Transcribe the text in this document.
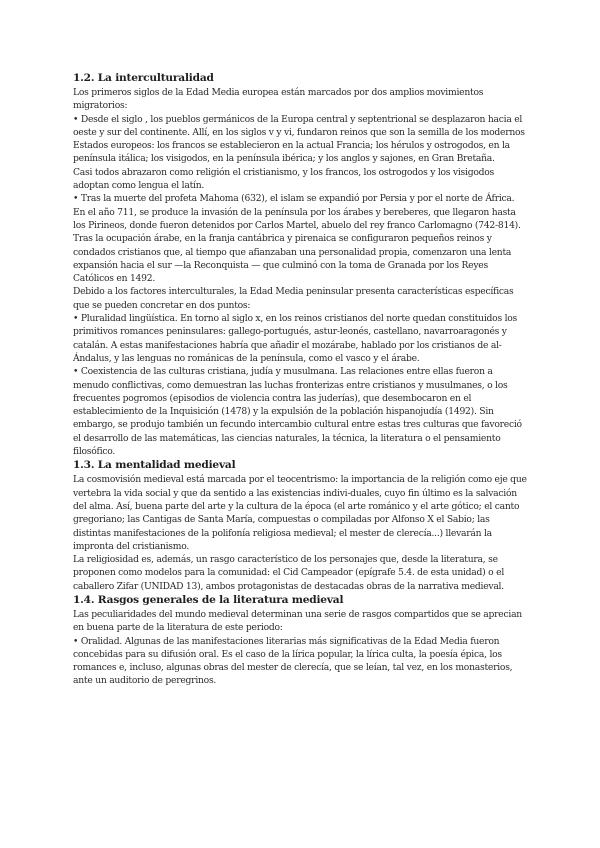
1.2. La interculturalidad

Los primeros siglos de la Edad Media europea están marcados por dos amplios movimientos migratorios:

• Desde el siglo , los pueblos germánicos de la Europa central y septentrional se desplazaron hacia el oeste y sur del continente. Allí, en los siglos v y vi, fundaron reinos que son la semilla de los modernos Estados europeos: los francos se establecieron en la actual Francia; los hérulos y ostrogodos, en la península itálica; los visigodos, en la península ibérica; y los anglos y sajones, en Gran Bretaña.

Casi todos abrazaron como religión el cristianismo, y los francos, los ostrogodos y los visigodos adoptan como lengua el latín.

• Tras la muerte del profeta Mahoma (632), el islam se expandió por Persia y por el norte de África. En el año 711, se produce la invasión de la península por los árabes y bereberes, que llegaron hasta los Pirineos, donde fueron detenidos por Carlos Martel, abuelo del rey franco Carlomagno (742-814).

Tras la ocupación árabe, en la franja cantábrica y pirenaica se configuraron pequeños reinos y condados cristianos que, al tiempo que afianzaban una personalidad propia, comenzaron una lenta expansión hacia el sur —la Reconquista — que culminó con la toma de Granada por los Reyes Católicos en 1492.

Debido a los factores interculturales, la Edad Media peninsular presenta características específicas que se pueden concretar en dos puntos:

• Pluralidad lingüística. En torno al siglo x, en los reinos cristianos del norte quedan constituidos los primitivos romances peninsulares: gallego-portugués, astur-leonés, castellano, navarroaragonés y catalán. A estas manifestaciones habría que añadir el mozárabe, hablado por los cristianos de al-Ándalus, y las lenguas no románicas de la península, como el vasco y el árabe.

• Coexistencia de las culturas cristiana, judía y musulmana. Las relaciones entre ellas fueron a menudo conflictivas, como demuestran las luchas fronterizas entre cristianos y musulmanes, o los frecuentes pogromos (episodios de violencia contra las juderías), que desembocaron en el establecimiento de la Inquisición (1478) y la expulsión de la población hispanojudía (1492). Sin embargo, se produjo también un fecundo intercambio cultural entre estas tres culturas que favoreció el desarrollo de las matemáticas, las ciencias naturales, la técnica, la literatura o el pensamiento filosófico.

1.3. La mentalidad medieval

La cosmovisión medieval está marcada por el teocentrismo: la importancia de la religión como eje que vertebra la vida social y que da sentido a las existencias indivi-duales, cuyo fin último es la salvación del alma. Así, buena parte del arte y la cultura de la época (el arte románico y el arte gótico; el canto gregoriano; las Cantigas de Santa María, compuestas o compiladas por Alfonso X el Sabio; las distintas manifestaciones de la polifonía religiosa medieval; el mester de clerecía...) llevarán la impronta del cristianismo.

La religiosidad es, además, un rasgo característico de los personajes que, desde la literatura, se proponen como modelos para la comunidad: el Cid Campeador (epígrafe 5.4. de esta unidad) o el caballero Zifar (UNIDAD 13), ambos protagonistas de destacadas obras de la narrativa medieval.

1.4. Rasgos generales de la literatura medieval

Las peculiaridades del mundo medieval determinan una serie de rasgos compartidos que se aprecian en buena parte de la literatura de este periodo:

• Oralidad. Algunas de las manifestaciones literarias más significativas de la Edad Media fueron concebidas para su difusión oral. Es el caso de la lírica popular, la lírica culta, la poesía épica, los romances e, incluso, algunas obras del mester de clerecía, que se leían, tal vez, en los monasterios, ante un auditorio de peregrinos.
